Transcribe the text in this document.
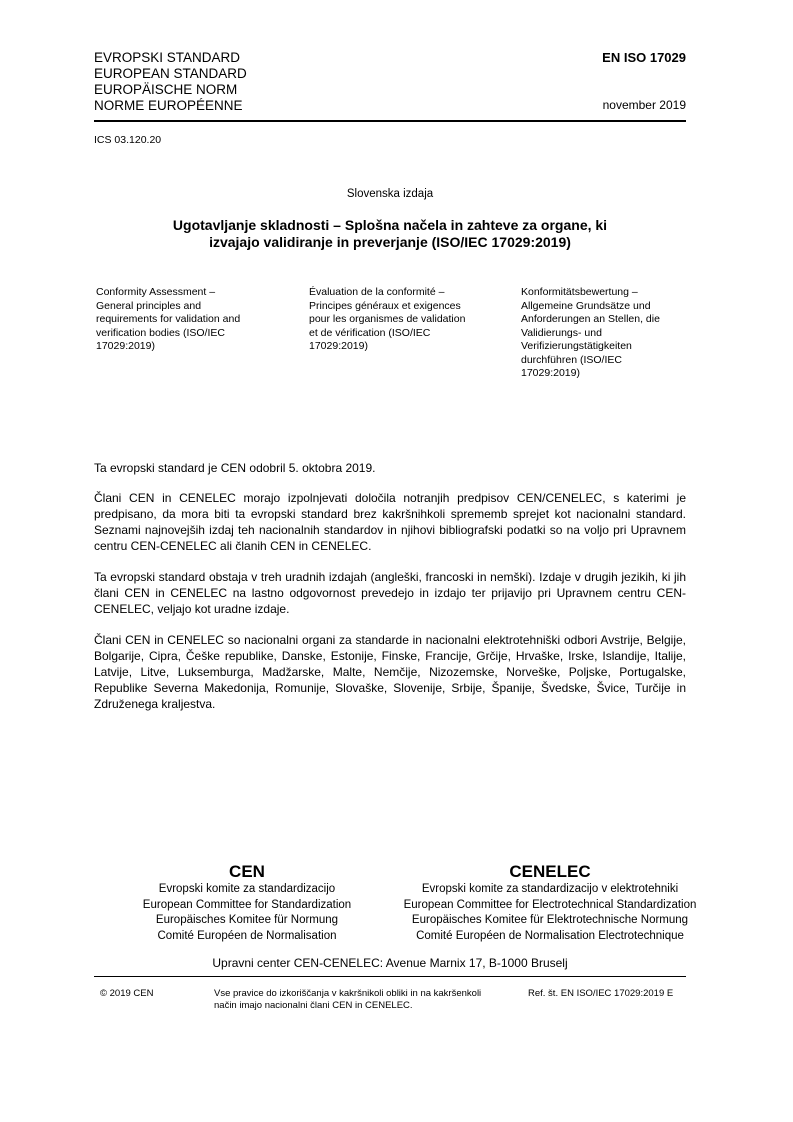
EVROPSKI STANDARD
EUROPEAN STANDARD
EUROPÄISCHE NORM
NORME EUROPÉENNE
EN ISO 17029
november 2019
ICS 03.120.20
Slovenska izdaja
Ugotavljanje skladnosti – Splošna načela in zahteve za organe, ki
izvajajo validiranje in preverjanje (ISO/IEC 17029:2019)
Conformity Assessment –
General principles and
requirements for validation and
verification bodies (ISO/IEC
17029:2019)
Évaluation de la conformité –
Principes généraux et exigences
pour les organismes de validation
et de vérification (ISO/IEC
17029:2019)
Konformitätsbewertung –
Allgemeine Grundsätze und
Anforderungen an Stellen, die
Validierungs- und
Verifizierungstätigkeiten
durchführen (ISO/IEC
17029:2019)

Ta evropski standard je CEN odobril 5. oktobra 2019.

Člani CEN in CENELEC morajo izpolnjevati določila notranjih predpisov CEN/CENELEC, s katerimi je predpisano, da mora biti ta evropski standard brez kakršnihkoli sprememb sprejet kot nacionalni standard. Seznami najnovejših izdaj teh nacionalnih standardov in njihovi bibliografski podatki so na voljo pri Upravnem centru CEN-CENELEC ali članih CEN in CENELEC.

Ta evropski standard obstaja v treh uradnih izdajah (angleški, francoski in nemški). Izdaje v drugih jezikih, ki jih člani CEN in CENELEC na lastno odgovornost prevedejo in izdajo ter prijavijo pri Upravnem centru CEN-CENELEC, veljajo kot uradne izdaje.

Člani CEN in CENELEC so nacionalni organi za standarde in nacionalni elektrotehniški odbori Avstrije, Belgije, Bolgarije, Cipra, Češke republike, Danske, Estonije, Finske, Francije, Grčije, Hrvaške, Irske, Islandije, Italije, Latvije, Litve, Luksemburga, Madžarske, Malte, Nemčije, Nizozemske, Norveške, Poljske, Portugalske, Republike Severna Makedonija, Romunije, Slovaške, Slovenije, Srbije, Španije, Švedske, Švice, Turčije in Združenega kraljestva.

CEN
Evropski komite za standardizacijo
European Committee for Standardization
Europäisches Komitee für Normung
Comité Européen de Normalisation
CENELEC
Evropski komite za standardizacijo v elektrotehniki
European Committee for Electrotechnical Standardization
Europäisches Komitee für Elektrotechnische Normung
Comité Européen de Normalisation Electrotechnique
Upravni center CEN-CENELEC: Avenue Marnix 17, B-1000 Bruselj
© 2019 CEN	Vse pravice do izkoriščanja v kakršnikoli obliki in na kakršenkoli
način imajo nacionalni člani CEN in CENELEC.
Ref. št. EN ISO/IEC 17029:2019 E
